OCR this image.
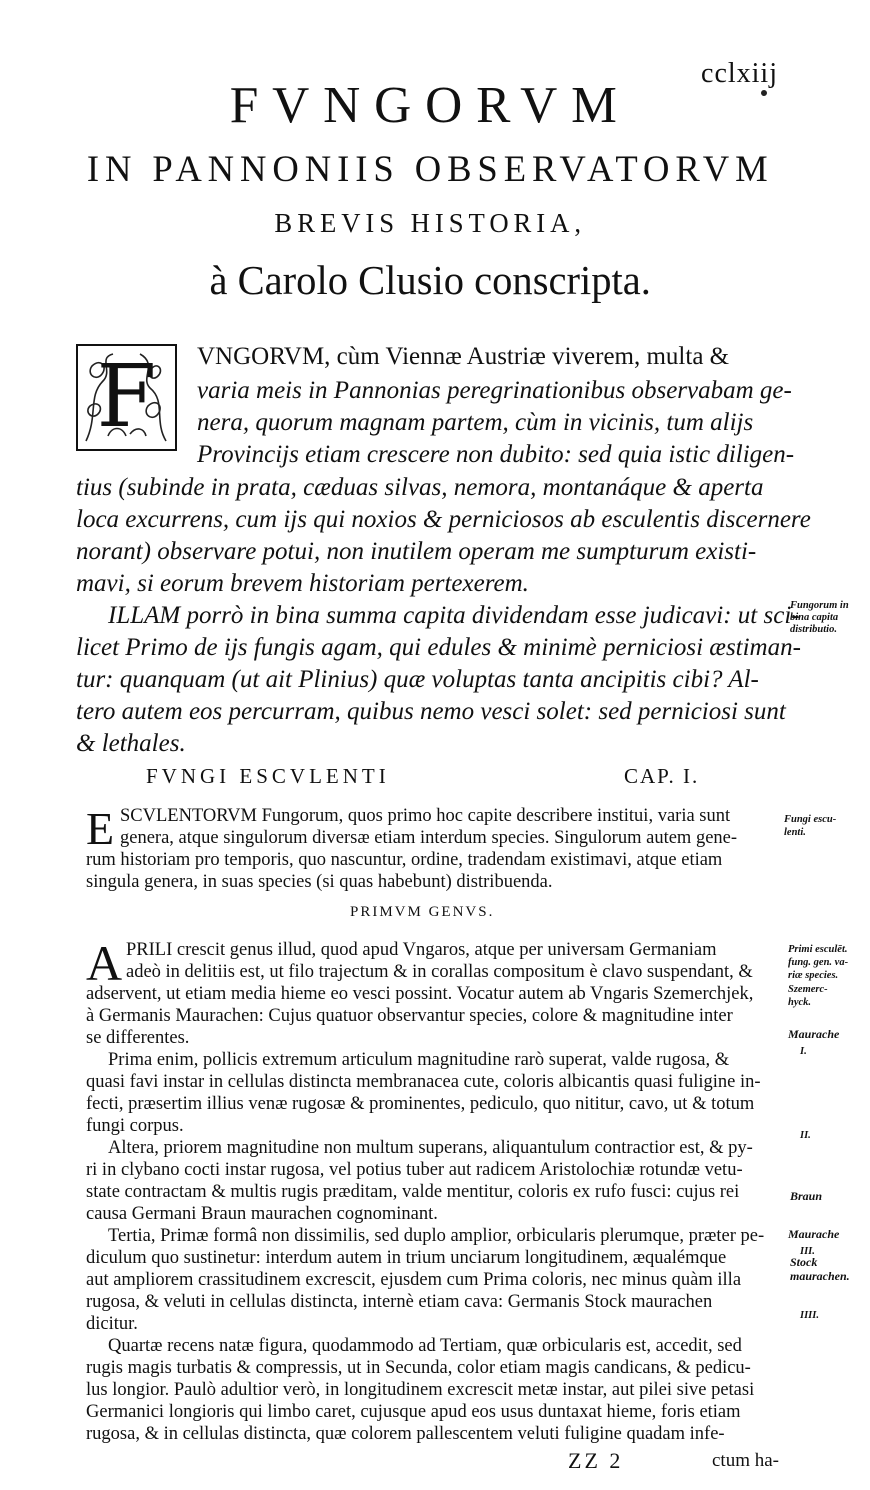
cclxiij
FVNGORVM
IN PANNONIIS OBSERVATORVM
BREVIS HISTORIA,
à Carolo Clusio conscripta.
F	VNGORVM, cùm Viennæ Austriæ viverem, multa &
varia meis in Pannonias peregrinationibus observabam ge-
nera, quorum magnam partem, cùm in vicinis, tum alijs
Provincijs etiam crescere non dubito: sed quia istic diligen-
tius (subinde in prata, cæduas silvas, nemora, montanáque & aperta
loca excurrens, cum ijs qui noxios & perniciosos ab esculentis discernere
norant) observare potui, non inutilem operam me sumpturum existi-
mavi, si eorum brevem historiam pertexerem.
ILLAM porrò in bina summa capita dividendam esse judicavi: ut sci-
licet Primo de ijs fungis agam, qui edules & minimè perniciosi æstiman-
tur: quanquam (ut ait Plinius) quæ voluptas tanta ancipitis cibi? Al-
tero autem eos percurram, quibus nemo vesci solet: sed perniciosi sunt
& lethales.
Fungorum in
bina capita
distributio.
FVNGI ESCVLENTI	CAP. I.
E SCVLENTORVM Fungorum, quos primo hoc capite describere institui, varia sunt
genera, atque singulorum diversæ etiam interdum species. Singulorum autem gene-
rum historiam pro temporis, quo nascuntur, ordine, tradendam existimavi, atque etiam
singula genera, in suas species (si quas habebunt) distribuenda.
Fungi escu-
lenti.
PRIMVM GENVS.
A PRILI crescit genus illud, quod apud Vngaros, atque per universam Germaniam
adeò in delitiis est, ut filo trajectum & in corallas compositum è clavo suspendant, &
adservent, ut etiam media hieme eo vesci possint. Vocatur autem ab Vngaris Szemerchjek,
à Germanis Maurachen: Cujus quatuor observantur species, colore & magnitudine inter
se differentes.
Prima enim, pollicis extremum articulum magnitudine rarò superat, valde rugosa, &
quasi favi instar in cellulas distincta membranacea cute, coloris albicantis quasi fuligine in-
fecti, præsertim illius venæ rugosæ & prominentes, pediculo, quo nititur, cavo, ut & totum
fungi corpus.
Altera, priorem magnitudine non multum superans, aliquantulum contractior est, & py-
ri in clybano cocti instar rugosa, vel potius tuber aut radicem Aristolochiæ rotundæ vetu-
state contractam & multis rugis præditam, valde mentitur, coloris ex rufo fusci: cujus rei
causa Germani Braun maurachen cognominant.
Tertia, Primæ formâ non dissimilis, sed duplo amplior, orbicularis plerumque, præter pe-
diculum quo sustinetur: interdum autem in trium unciarum longitudinem, æqualémque
aut ampliorem crassitudinem excrescit, ejusdem cum Prima coloris, nec minus quàm illa
rugosa, & veluti in cellulas distincta, internè etiam cava: Germanis Stock maurachen
dicitur.
Quartæ recens natæ figura, quodammodo ad Tertiam, quæ orbicularis est, accedit, sed
rugis magis turbatis & compressis, ut in Secunda, color etiam magis candicans, & pedicu-
lus longior. Paulò adultior verò, in longitudinem excrescit metæ instar, aut pilei sive petasi
Germanici longioris qui limbo caret, cujusque apud eos usus duntaxat hieme, foris etiam
rugosa, & in cellulas distincta, quæ colorem pallescentem veluti fuligine quadam infe-
Primi esculēt.
fung. gen. va-
riæ species.
Szemerc-
hyck.
Maurache
I.
II.
Braun
Maurache
III.
Stock
maurachen.
IIII.
ZZ 2	ctum ha-
